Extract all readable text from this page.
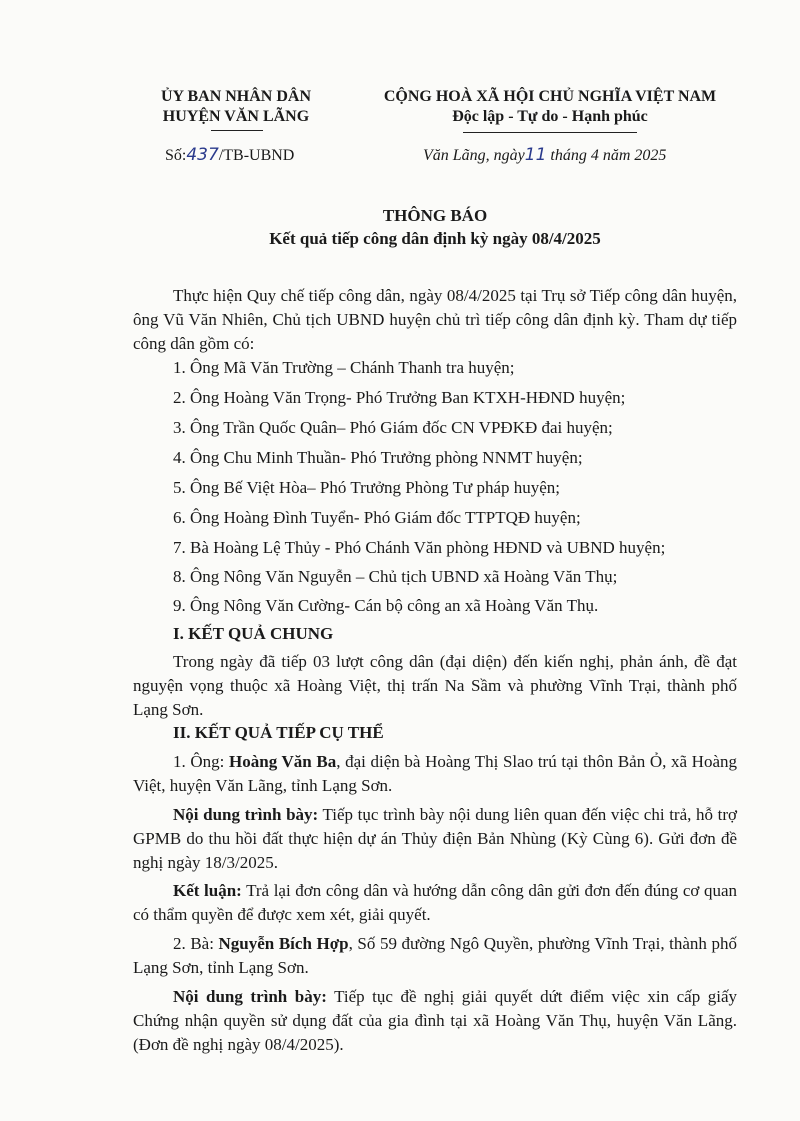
ỦY BAN NHÂN DÂN
HUYỆN VĂN LÃNG
CỘNG HOÀ XÃ HỘI CHỦ NGHĨA VIỆT NAM
Độc lập - Tự do - Hạnh phúc
Số:437/TB-UBND	Văn Lãng, ngày11 tháng 4 năm 2025
THÔNG BÁO
Kết quả tiếp công dân định kỳ ngày 08/4/2025
Thực hiện Quy chế tiếp công dân, ngày 08/4/2025 tại Trụ sở Tiếp công dân huyện, ông Vũ Văn Nhiên, Chủ tịch UBND huyện chủ trì tiếp công dân định kỳ. Tham dự tiếp công dân gồm có:
1. Ông Mã Văn Trường – Chánh Thanh tra huyện;
2. Ông Hoàng Văn Trọng- Phó Trưởng Ban KTXH-HĐND huyện;
3. Ông Trần Quốc Quân– Phó Giám đốc CN VPĐKĐ đai huyện;
4. Ông Chu Minh Thuần- Phó Trưởng phòng NNMT huyện;
5. Ông Bế Việt Hòa– Phó Trưởng Phòng Tư pháp huyện;
6. Ông Hoàng Đình Tuyển- Phó Giám đốc TTPTQĐ huyện;
7. Bà Hoàng Lệ Thủy - Phó Chánh Văn phòng HĐND và UBND huyện;
8. Ông Nông Văn Nguyễn – Chủ tịch UBND xã Hoàng Văn Thụ;
9. Ông Nông Văn Cường- Cán bộ công an xã Hoàng Văn Thụ.
I. KẾT QUẢ CHUNG
Trong ngày đã tiếp 03 lượt công dân (đại diện) đến kiến nghị, phản ánh, đề đạt nguyện vọng thuộc xã Hoàng Việt, thị trấn Na Sầm và phường Vĩnh Trại, thành phố Lạng Sơn.
II. KẾT QUẢ TIẾP CỤ THỂ
1. Ông: Hoàng Văn Ba, đại diện bà Hoàng Thị Slao trú tại thôn Bản Ỏ, xã Hoàng Việt, huyện Văn Lãng, tỉnh Lạng Sơn.
Nội dung trình bày: Tiếp tục trình bày nội dung liên quan đến việc chi trả, hỗ trợ GPMB do thu hồi đất thực hiện dự án Thủy điện Bản Nhùng (Kỳ Cùng 6). Gửi đơn đề nghị ngày 18/3/2025.
Kết luận: Trả lại đơn công dân và hướng dẫn công dân gửi đơn đến đúng cơ quan có thẩm quyền để được xem xét, giải quyết.
2. Bà: Nguyễn Bích Hợp, Số 59 đường Ngô Quyền, phường Vĩnh Trại, thành phố Lạng Sơn, tỉnh Lạng Sơn.
Nội dung trình bày: Tiếp tục đề nghị giải quyết dứt điểm việc xin cấp giấy Chứng nhận quyền sử dụng đất của gia đình tại xã Hoàng Văn Thụ, huyện Văn Lãng. (Đơn đề nghị ngày 08/4/2025).
